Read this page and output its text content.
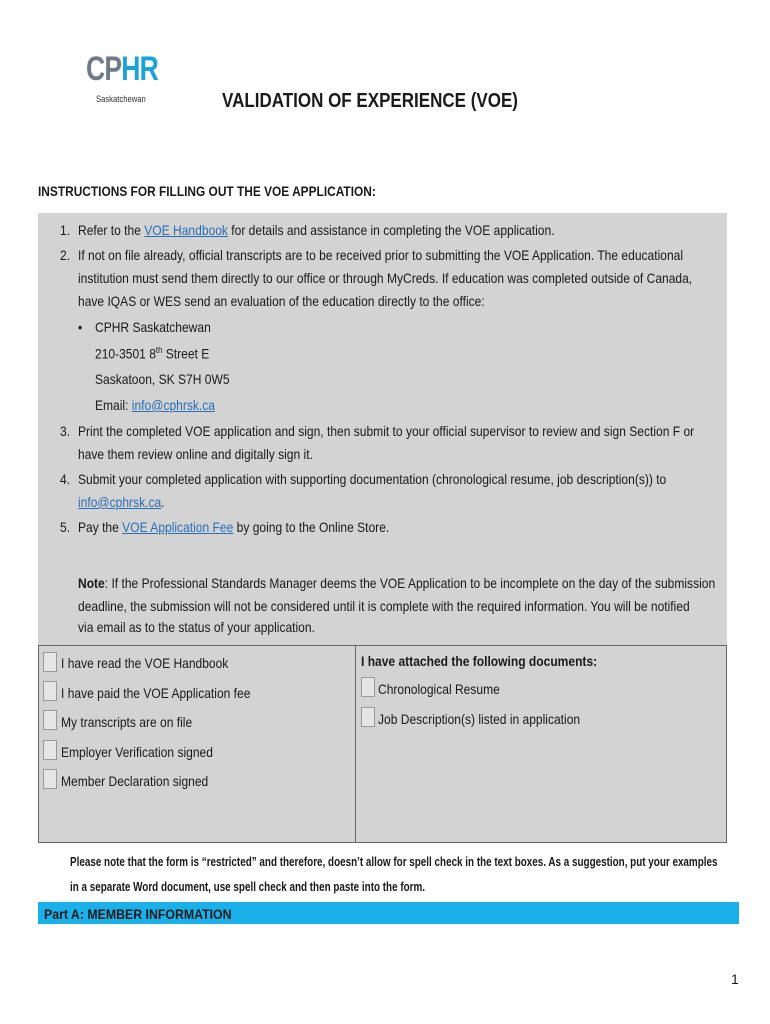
CPHR
Saskatchewan	VALIDATION OF EXPERIENCE (VOE)
INSTRUCTIONS FOR FILLING OUT THE VOE APPLICATION:
1. Refer to the VOE Handbook for details and assistance in completing the VOE application.
2. If not on file already, official transcripts are to be received prior to submitting the VOE Application. The educational
institution must send them directly to our office or through MyCreds. If education was completed outside of Canada,
have IQAS or WES send an evaluation of the education directly to the office:
• CPHR Saskatchewan
210-3501 8th Street E
Saskatoon, SK S7H 0W5
Email: info@cphrsk.ca
3. Print the completed VOE application and sign, then submit to your official supervisor to review and sign Section F or
have them review online and digitally sign it.
4. Submit your completed application with supporting documentation (chronological resume, job description(s)) to
info@cphrsk.ca.
5. Pay the VOE Application Fee by going to the Online Store.
Note: If the Professional Standards Manager deems the VOE Application to be incomplete on the day of the submission
deadline, the submission will not be considered until it is complete with the required information. You will be notified
via email as to the status of your application.
I have read the VOE Handbook
I have paid the VOE Application fee
My transcripts are on file
Employer Verification signed
Member Declaration signed
I have attached the following documents:
Chronological Resume
Job Description(s) listed in application
Please note that the form is “restricted” and therefore, doesn’t allow for spell check in the text boxes. As a suggestion, put your examples
in a separate Word document, use spell check and then paste into the form.
Part A: MEMBER INFORMATION
1
